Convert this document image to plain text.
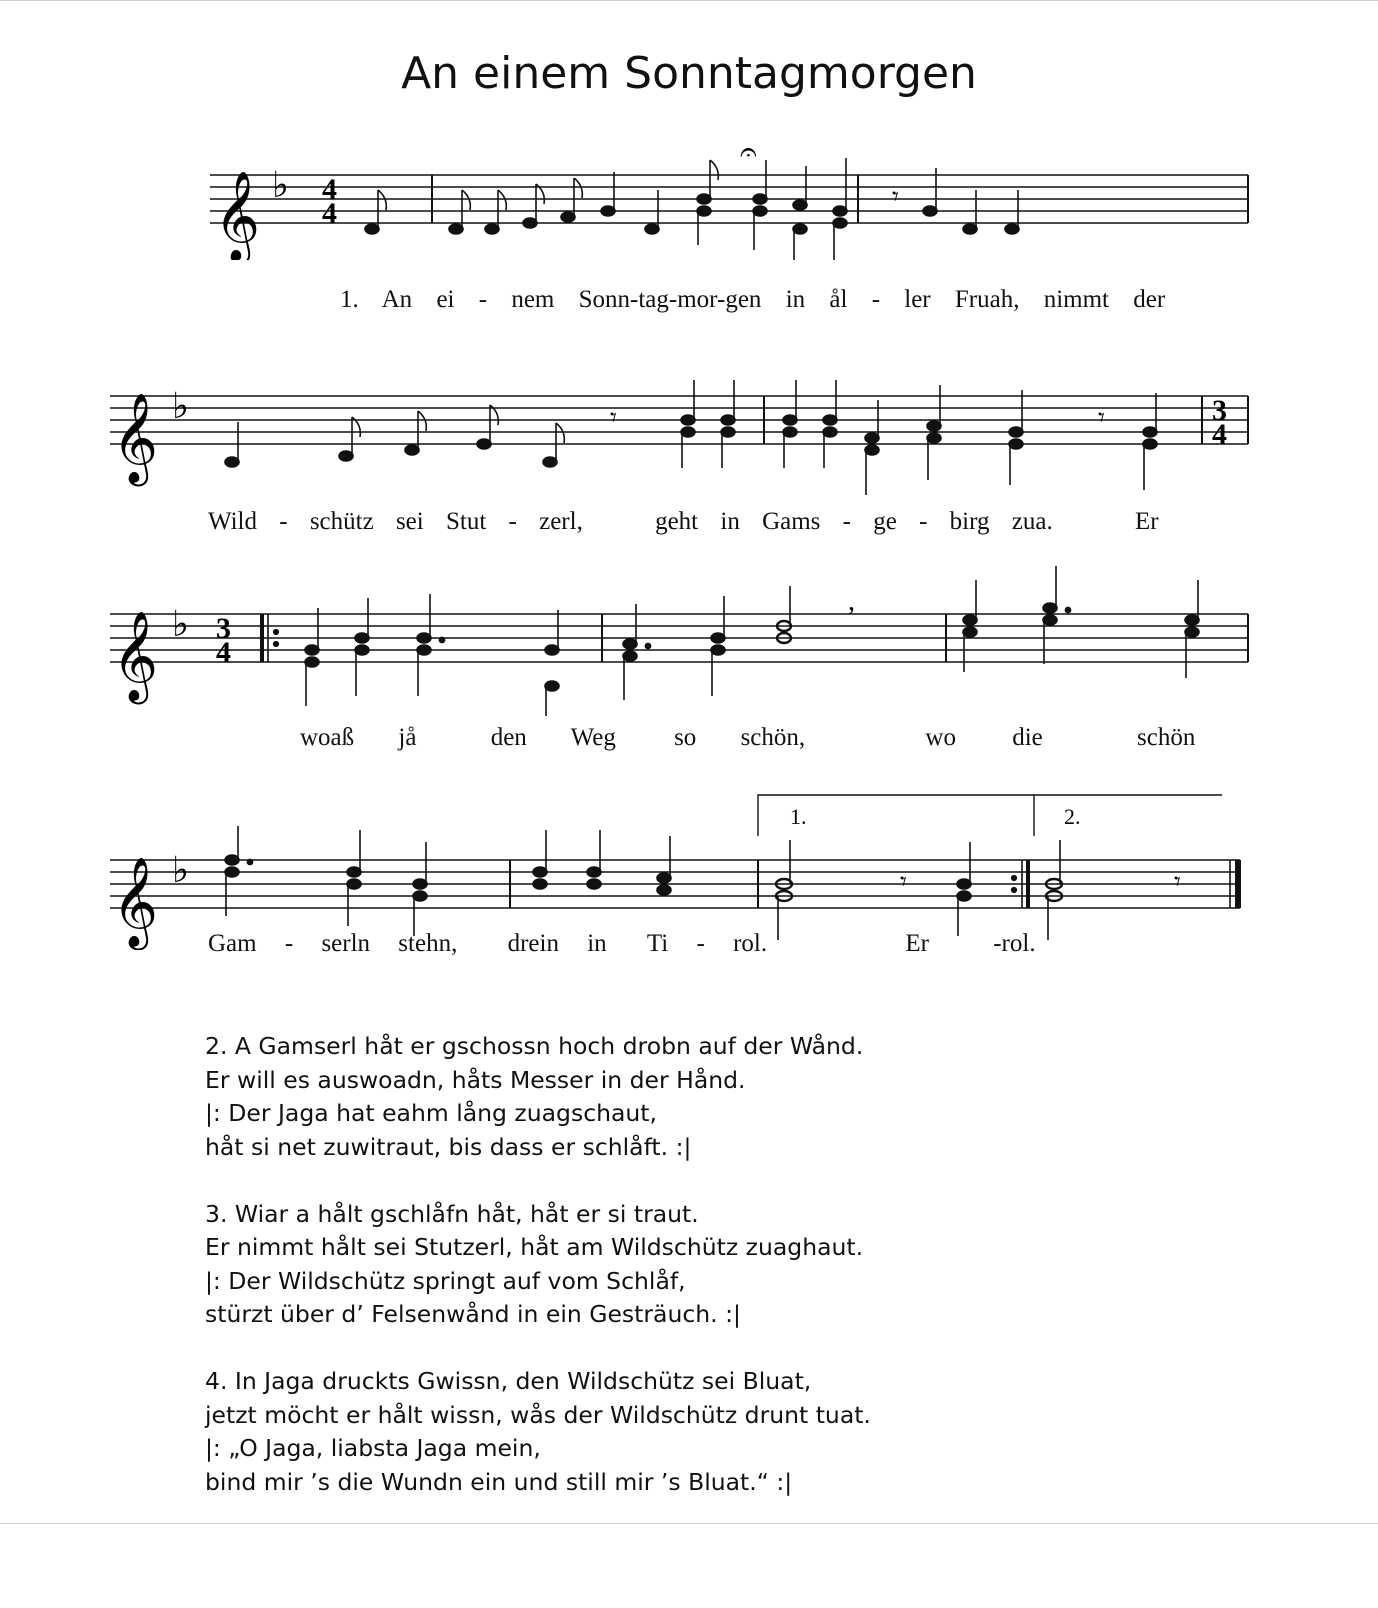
An einem Sonntagmorgen
𝄞 ♭ 4
4
𝄐
𝄾
1. An ei - nem Sonn-tag-mor-gen in ål - ler Fruah, nimmt der
𝄞 ♭	3
4
𝄾	𝄾
Wild - schütz sei Stut - zerl,	geht in Gams - ge - birg zua.	Er
𝄞 ♭ 3
4
,
woaß jå	den Weg so schön,	wo die	schön
1.	2.
𝄞 ♭	𝄾	𝄾
Gam - serln stehn, drein in Ti - rol.	Er	-rol.
2. A Gamserl håt er gschossn hoch drobn auf der Wånd.
Er will es auswoadn, håts Messer in der Hånd.
|: Der Jaga hat eahm lång zuagschaut,
håt si net zuwitraut, bis dass er schlåft. :|
3. Wiar a hålt gschlåfn håt, håt er si traut.
Er nimmt hålt sei Stutzerl, håt am Wildschütz zuaghaut.
|: Der Wildschütz springt auf vom Schlåf,
stürzt über d’ Felsenwånd in ein Gesträuch. :|
4. In Jaga druckts Gwissn, den Wildschütz sei Bluat,
jetzt möcht er hålt wissn, wås der Wildschütz drunt tuat.
|: „O Jaga, liabsta Jaga mein,
bind mir ’s die Wundn ein und still mir ’s Bluat.“ :|
